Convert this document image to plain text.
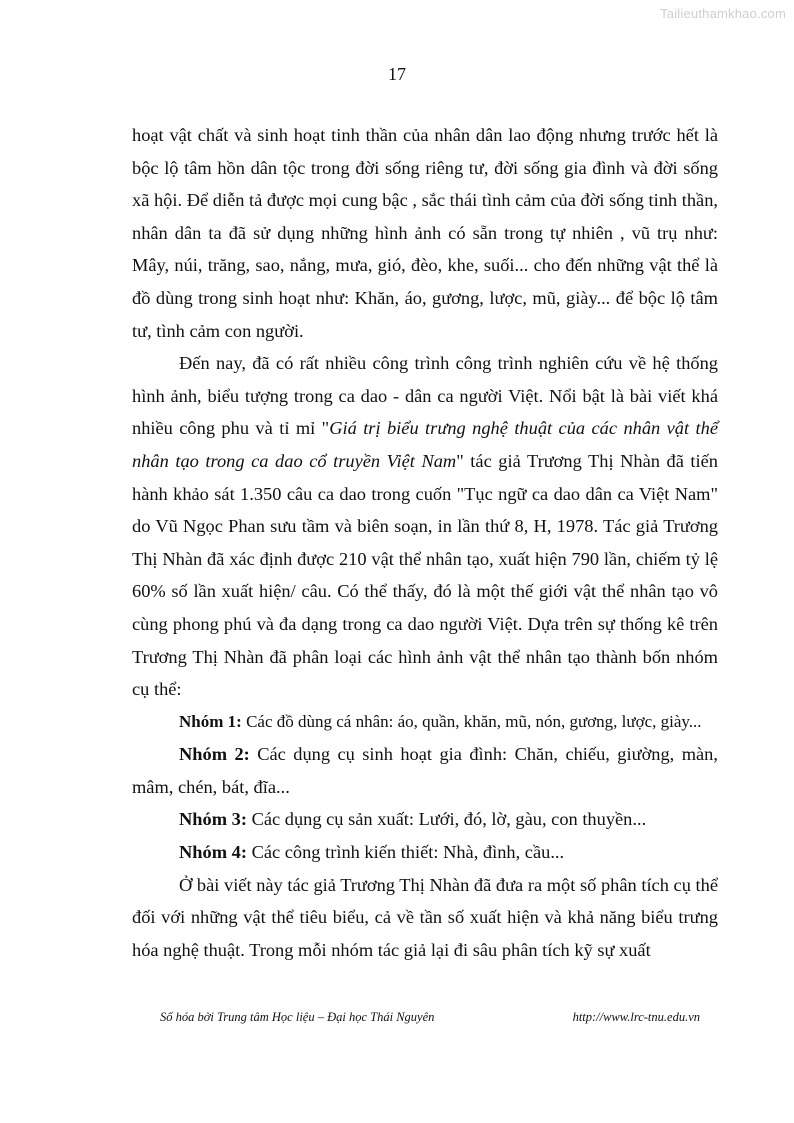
Tailieuthamkhao.com
17

hoạt vật chất và sinh hoạt tinh thần của nhân dân lao động nhưng trước hết là bộc lộ tâm hồn dân tộc trong đời sống riêng tư, đời sống gia đình và đời sống xã hội. Để diễn tả được mọi cung bậc , sắc thái tình cảm của đời sống tinh thần, nhân dân ta đã sử dụng những hình ảnh có sẵn trong tự nhiên , vũ trụ như: Mây, núi, trăng, sao, nắng, mưa, gió, đèo, khe, suối... cho đến những vật thể là đồ dùng trong sinh hoạt như: Khăn, áo, gương, lược, mũ, giày... để bộc lộ tâm tư, tình cảm con người.

Đến nay, đã có rất nhiều công trình công trình nghiên cứu về hệ thống hình ảnh, biểu tượng trong ca dao - dân ca người Việt. Nổi bật là bài viết khá nhiều công phu và tỉ mỉ "Giá trị biểu trưng nghệ thuật của các nhân vật thể nhân tạo trong ca dao cổ truyền Việt Nam" tác giả Trương Thị Nhàn đã tiến hành khảo sát 1.350 câu ca dao trong cuốn "Tục ngữ ca dao dân ca Việt Nam" do Vũ Ngọc Phan sưu tầm và biên soạn, in lần thứ 8, H, 1978. Tác giả Trương Thị Nhàn đã xác định được 210 vật thể nhân tạo, xuất hiện 790 lần, chiếm tỷ lệ 60% số lần xuất hiện/ câu. Có thể thấy, đó là một thế giới vật thể nhân tạo vô cùng phong phú và đa dạng trong ca dao người Việt. Dựa trên sự thống kê trên Trương Thị Nhàn đã phân loại các hình ảnh vật thể nhân tạo thành bốn nhóm cụ thể:

Nhóm 1: Các đồ dùng cá nhân: áo, quần, khăn, mũ, nón, gương, lược, giày...

Nhóm 2: Các dụng cụ sinh hoạt gia đình: Chăn, chiếu, giường, màn, mâm, chén, bát, đĩa...

Nhóm 3: Các dụng cụ sản xuất: Lưới, đó, lờ, gàu, con thuyền...

Nhóm 4: Các công trình kiến thiết: Nhà, đình, cầu...

Ở bài viết này tác giả Trương Thị Nhàn đã đưa ra một số phân tích cụ thể đối với những vật thể tiêu biểu, cả về tần số xuất hiện và khả năng biểu trưng hóa nghệ thuật. Trong mỗi nhóm tác giả lại đi sâu phân tích kỹ sự xuất

Số hóa bởi Trung tâm Học liệu – Đại học Thái Nguyên	http://www.lrc-tnu.edu.vn
